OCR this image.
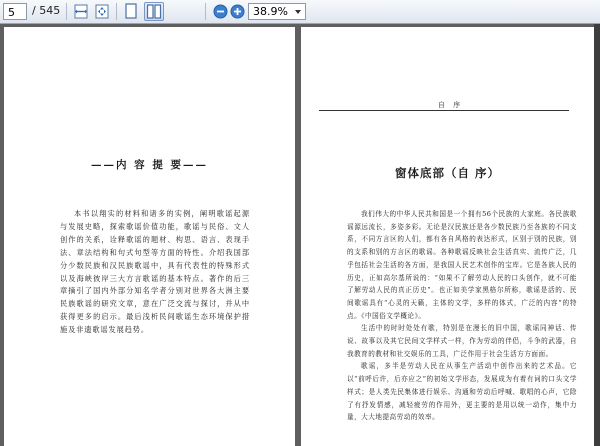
5	/ 545	38.9%
——内 容 提 要——
本书以翔实的材料和诸多的实例，阐明歌谣起源与发展史略，探索歌谣价值功能，歌谣与民俗、文人创作的关系，诠释歌谣的题材、构思、语言、表现手法、章法结构和句式句型等方面的特性。介绍我国部分少数民族和汉民族歌谣中，具有代表性的特殊形式以及海峡彼岸三大方言歌谣的基本特点。著作的后三章摘引了国内外部分知名学者分别对世界各大洲主要民族歌谣的研究文章，意在广泛交流与探讨，并从中获得更多的启示。最后浅析民间歌谣生态环境保护措施及非遗歌谣发展趋势。
自 序
窗体底部（自 序）

我们伟大的中华人民共和国是一个拥有56个民族的大家庭。各民族歌谣源远流长，多姿多彩。无论是汉民族还是各少数民族乃至各族的不同支系，不同方言区的人们，都有各自风格的表达形式，区别于别的民族，别的支系和别的方言区的歌谣。各种歌谣反映社会生活真实、流传广泛，几乎包括社会生活的各方面，是我国人民艺术创作的宝库。它是各族人民的历史，正如高尔基所说的：“如果不了解劳动人民的口头创作，就不可能了解劳动人民的真正历史”。也正如美学家黑格尔所称，歌谣是活的、民间歌谣具有“心灵的天籁，主体的文学，多样的体式，广泛的内容”的特点。《中国俗文学概论》。

生活中的时时处处有歌，特别是在漫长的旧中国，歌谣同神话、传说、故事以及其它民间文学样式一样，作为劳动的伴侣，斗争的武器，自我教育的教材和社交娱乐的工具，广泛作用于社会生活方方面面。

歌谣，多半是劳动人民在从事生产活动中创作出来的艺术品。它以“前呼后许，后亦应之”的初始文学形态，发展成为有着有词的口头文学样式；是人类先民集体进行娱乐、沟通和劳动后呼喊、歌唱的心声，它除了有抒发情感，减轻疲劳的作用外，更主要的是用以统一动作，集中力量，大大地提高劳动的效率。
